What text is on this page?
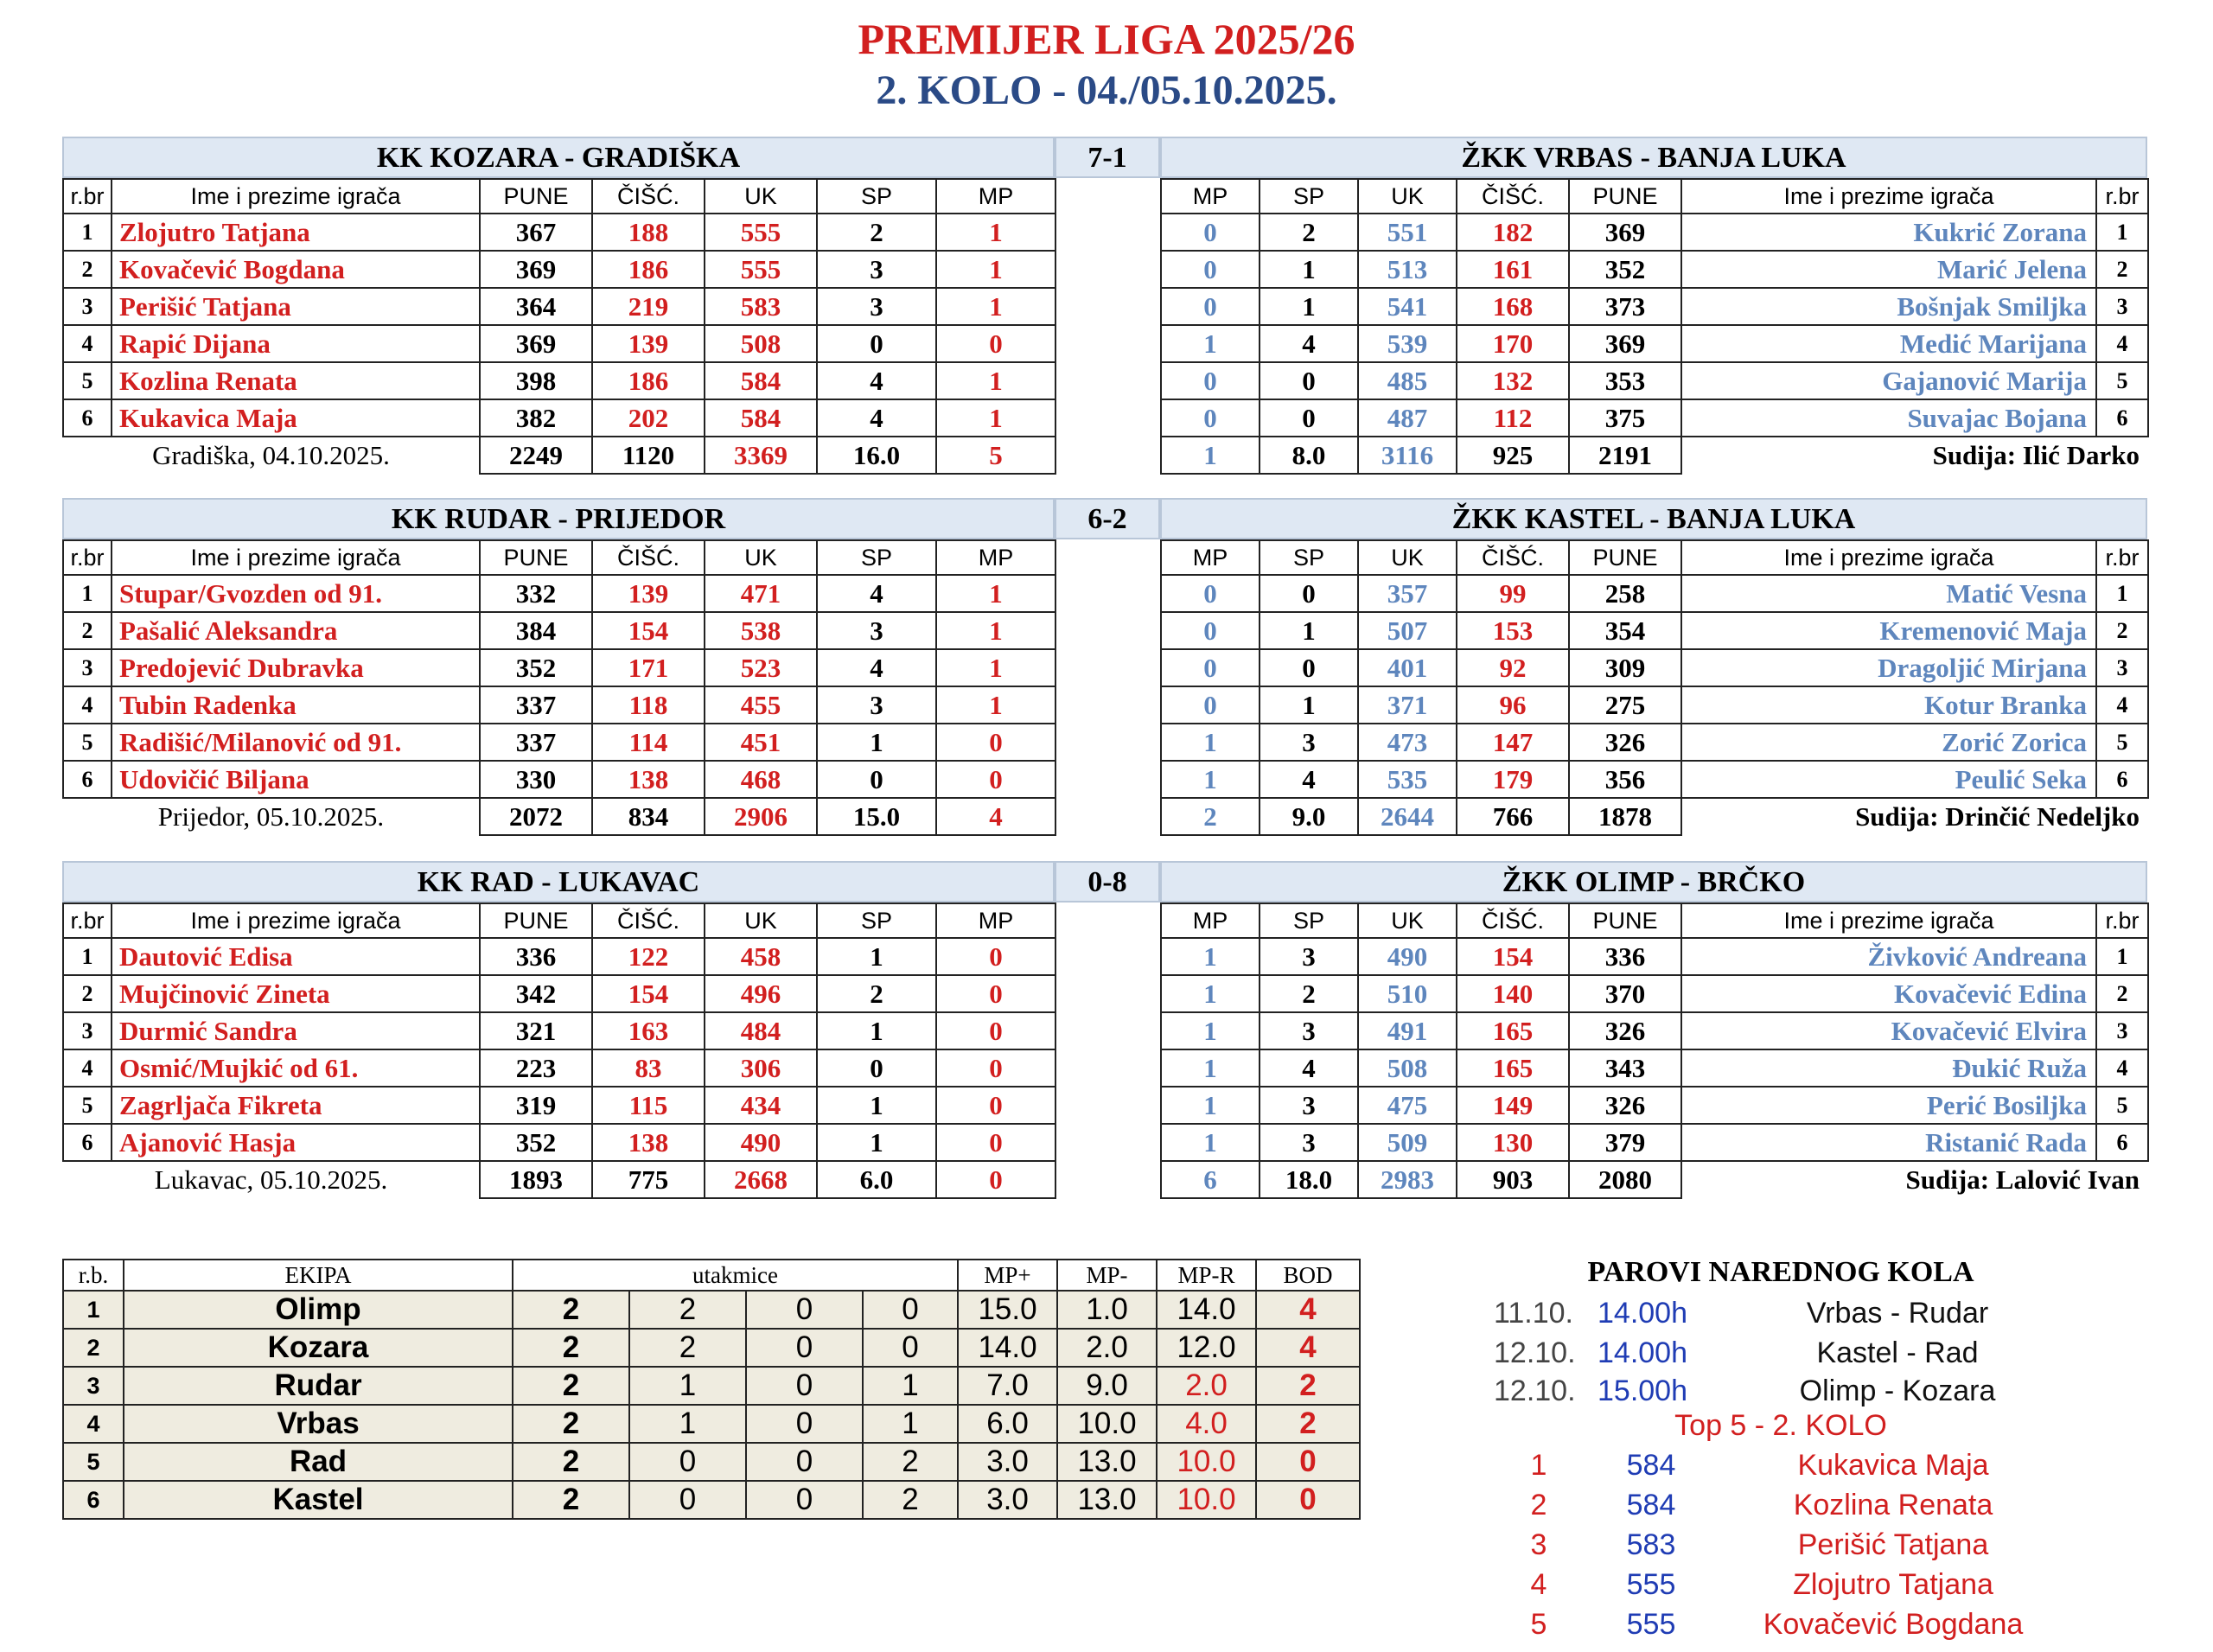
PREMIJER LIGA 2025/26
2. KOLO - 04./05.10.2025.
KK KOZARA - GRADIŠKA	7-1	ŽKK VRBAS - BANJA LUKA
r.br	Ime i prezime igrača	PUNE	ČIŠĆ.	UK	SP	MP
1	Zlojutro Tatjana	367	188	555	2	1
2	Kovačević Bogdana	369	186	555	3	1
3	Perišić Tatjana	364	219	583	3	1
4	Rapić Dijana	369	139	508	0	0
5	Kozlina Renata	398	186	584	4	1
6	Kukavica Maja	382	202	584	4	1
Gradiška, 04.10.2025.		2249	1120	3369	16.0	5
MP	SP	UK	ČIŠĆ.	PUNE	Ime i prezime igrača	r.br
0	2	551	182	369	Kukrić Zorana	1
0	1	513	161	352	Marić Jelena	2
0	1	541	168	373	Bošnjak Smiljka	3
1	4	539	170	369	Medić Marijana	4
0	0	485	132	353	Gajanović Marija	5
0	0	487	112	375	Suvajac Bojana	6
1	8.0	3116	925	2191	Sudija: Ilić Darko	
KK RUDAR - PRIJEDOR	6-2	ŽKK KASTEL - BANJA LUKA
r.br	Ime i prezime igrača	PUNE	ČIŠĆ.	UK	SP	MP
1	Stupar/Gvozden od 91.	332	139	471	4	1
2	Pašalić Aleksandra	384	154	538	3	1
3	Predojević Dubravka	352	171	523	4	1
4	Tubin Radenka	337	118	455	3	1
5	Radišić/Milanović od 91.	337	114	451	1	0
6	Udovičić Biljana	330	138	468	0	0
Prijedor, 05.10.2025.		2072	834	2906	15.0	4
MP	SP	UK	ČIŠĆ.	PUNE	Ime i prezime igrača	r.br
0	0	357	99	258	Matić Vesna	1
0	1	507	153	354	Kremenović Maja	2
0	0	401	92	309	Dragoljić Mirjana	3
0	1	371	96	275	Kotur Branka	4
1	3	473	147	326	Zorić Zorica	5
1	4	535	179	356	Peulić Seka	6
2	9.0	2644	766	1878	Sudija: Drinčić Nedeljko	
KK RAD - LUKAVAC	0-8	ŽKK OLIMP - BRČKO
r.br	Ime i prezime igrača	PUNE	ČIŠĆ.	UK	SP	MP
1	Dautović Edisa	336	122	458	1	0
2	Mujčinović Zineta	342	154	496	2	0
3	Durmić Sandra	321	163	484	1	0
4	Osmić/Mujkić od 61.	223	83	306	0	0
5	Zagrljača Fikreta	319	115	434	1	0
6	Ajanović Hasja	352	138	490	1	0
Lukavac, 05.10.2025.		1893	775	2668	6.0	0
MP	SP	UK	ČIŠĆ.	PUNE	Ime i prezime igrača	r.br
1	3	490	154	336	Živković Andreana	1
1	2	510	140	370	Kovačević Edina	2
1	3	491	165	326	Kovačević Elvira	3
1	4	508	165	343	Đukić Ruža	4
1	3	475	149	326	Perić Bosiljka	5
1	3	509	130	379	Ristanić Rada	6
6	18.0	2983	903	2080	Sudija: Lalović Ivan	
r.b.	EKIPA	utakmice				MP+	MP-	MP-R	BOD
1	Olimp	2	2	0	0	15.0	1.0	14.0	4
2	Kozara	2	2	0	0	14.0	2.0	12.0	4
3	Rudar	2	1	0	1	7.0	9.0	2.0	2
4	Vrbas	2	1	0	1	6.0	10.0	4.0	2
5	Rad	2	0	0	2	3.0	13.0	10.0	0
6	Kastel	2	0	0	2	3.0	13.0	10.0	0
PAROVI NAREDNOG KOLA
11.10. 14.00h	Vrbas - Rudar
12.10. 14.00h	Kastel - Rad
12.10. 15.00h	Olimp - Kozara
Top 5 - 2. KOLO
1	584	Kukavica Maja
2	584	Kozlina Renata
3	583	Perišić Tatjana
4	555	Zlojutro Tatjana
5	555	Kovačević Bogdana
